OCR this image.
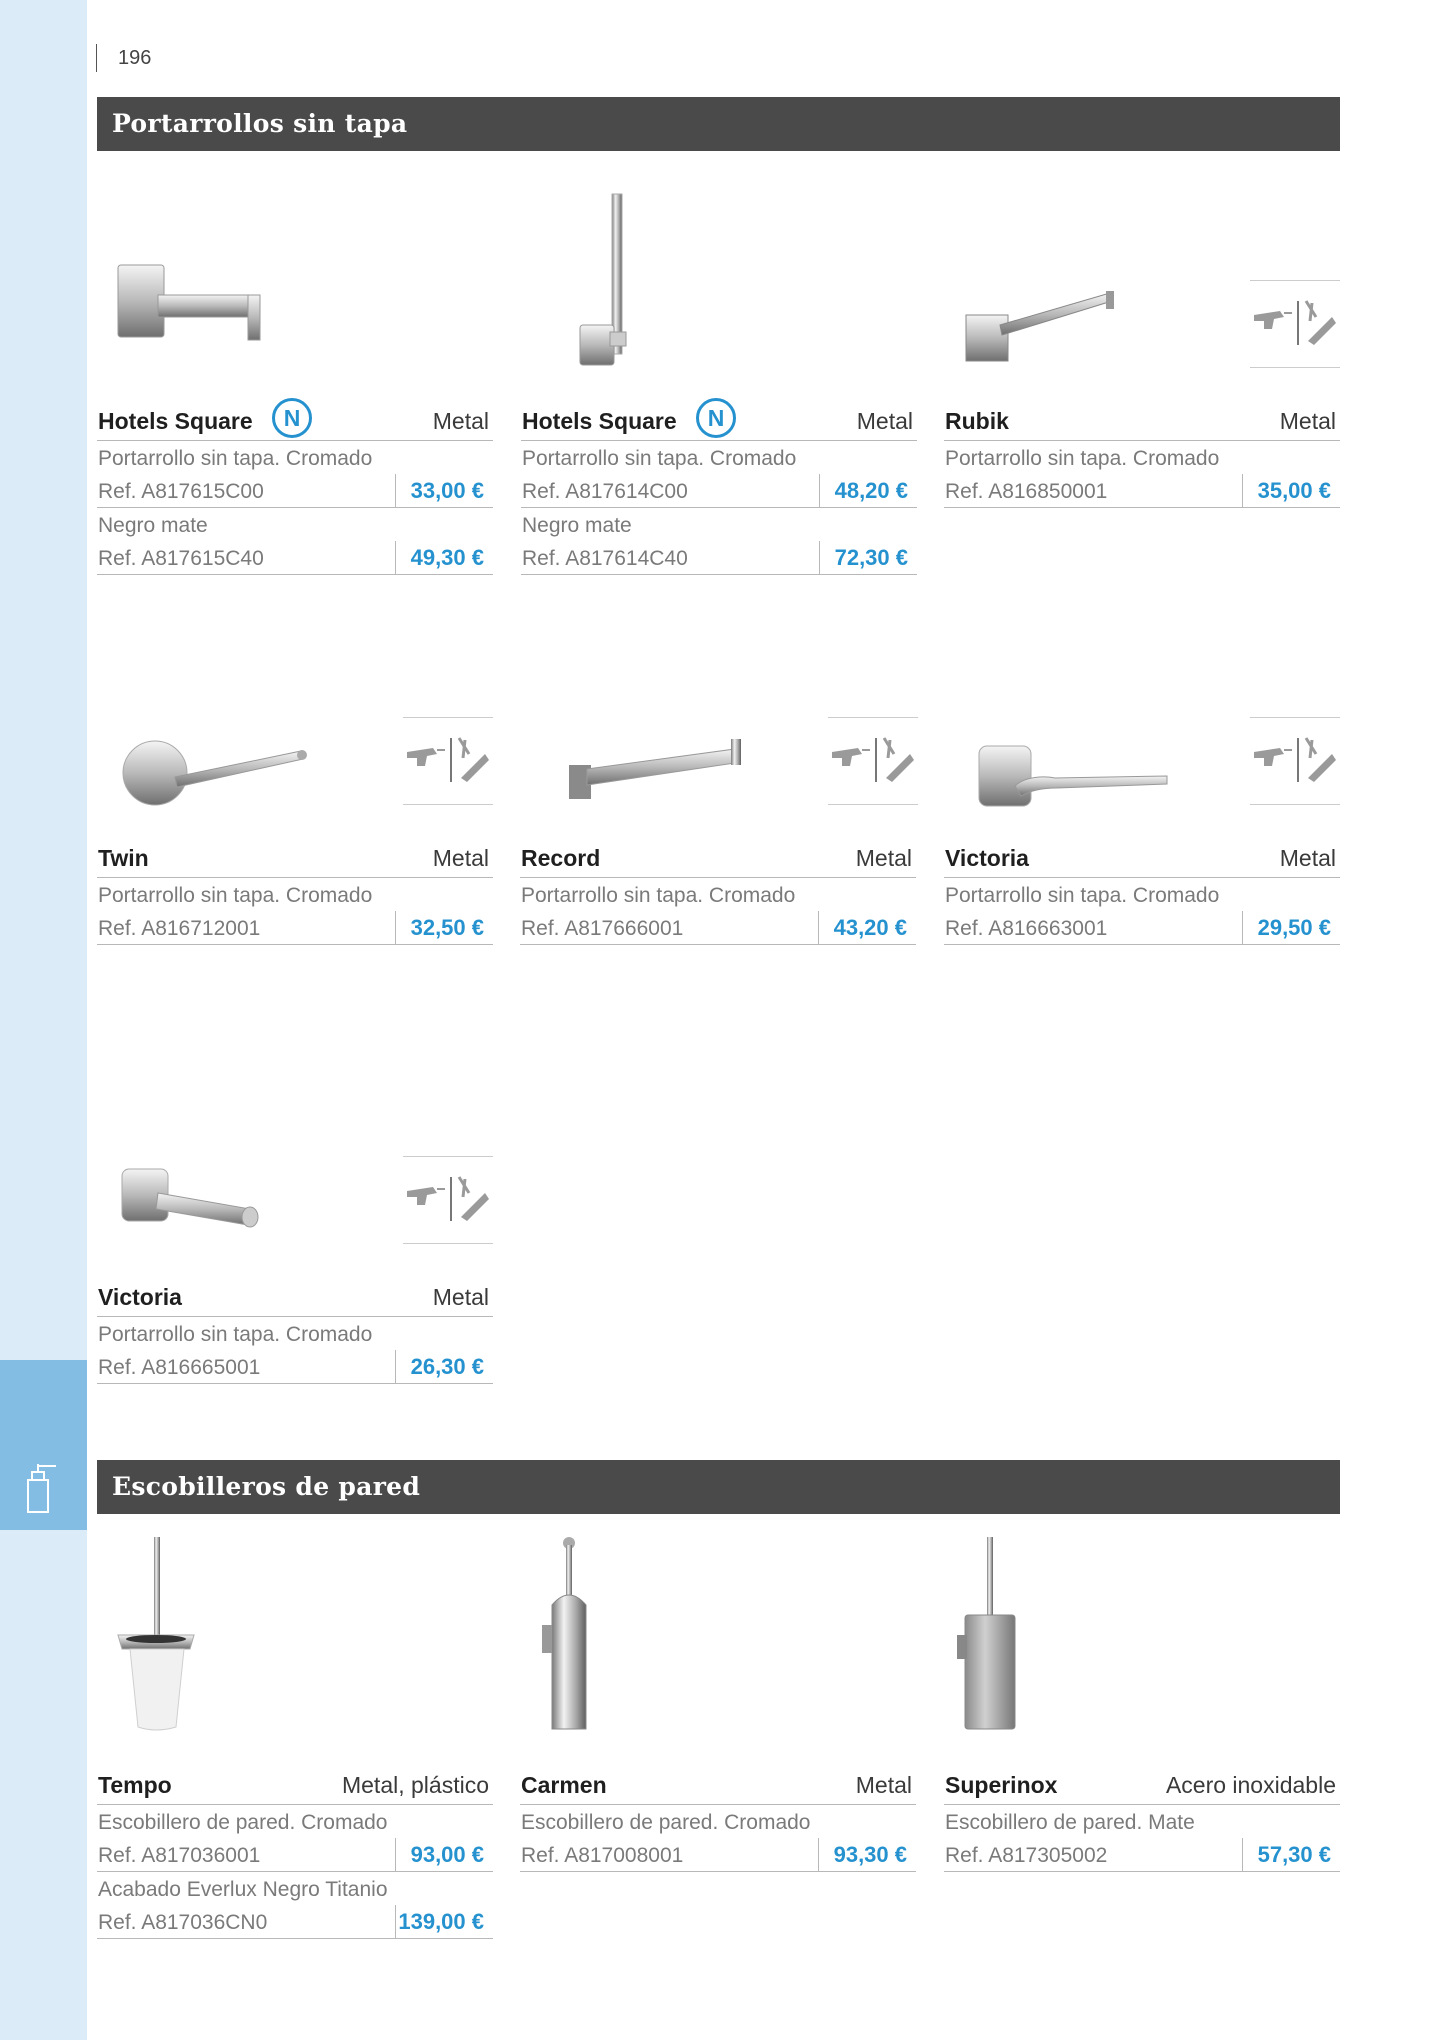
196
Portarrollos sin tapa
Escobilleros de pared
Hotels Square	N	Metal
Portarrollo sin tapa. Cromado
Ref. A817615C00	33,00 €
Negro mate
Ref. A817615C40	49,30 €
Hotels Square	N	Metal
Portarrollo sin tapa. Cromado
Ref. A817614C00	48,20 €
Negro mate
Ref. A817614C40	72,30 €
Rubik	Metal
Portarrollo sin tapa. Cromado
Ref. A816850001	35,00 €
Twin	Metal
Portarrollo sin tapa. Cromado
Ref. A816712001	32,50 €
Record	Metal
Portarrollo sin tapa. Cromado
Ref. A817666001	43,20 €
Victoria	Metal
Portarrollo sin tapa. Cromado
Ref. A816663001	29,50 €
Victoria	Metal
Portarrollo sin tapa. Cromado
Ref. A816665001	26,30 €
Tempo	Metal, plástico
Escobillero de pared. Cromado
Ref. A817036001	93,00 €
Acabado Everlux Negro Titanio
Ref. A817036CN0	139,00 €
Carmen	Metal
Escobillero de pared. Cromado
Ref. A817008001	93,30 €
Superinox	Acero inoxidable
Escobillero de pared. Mate
Ref. A817305002	57,30 €
